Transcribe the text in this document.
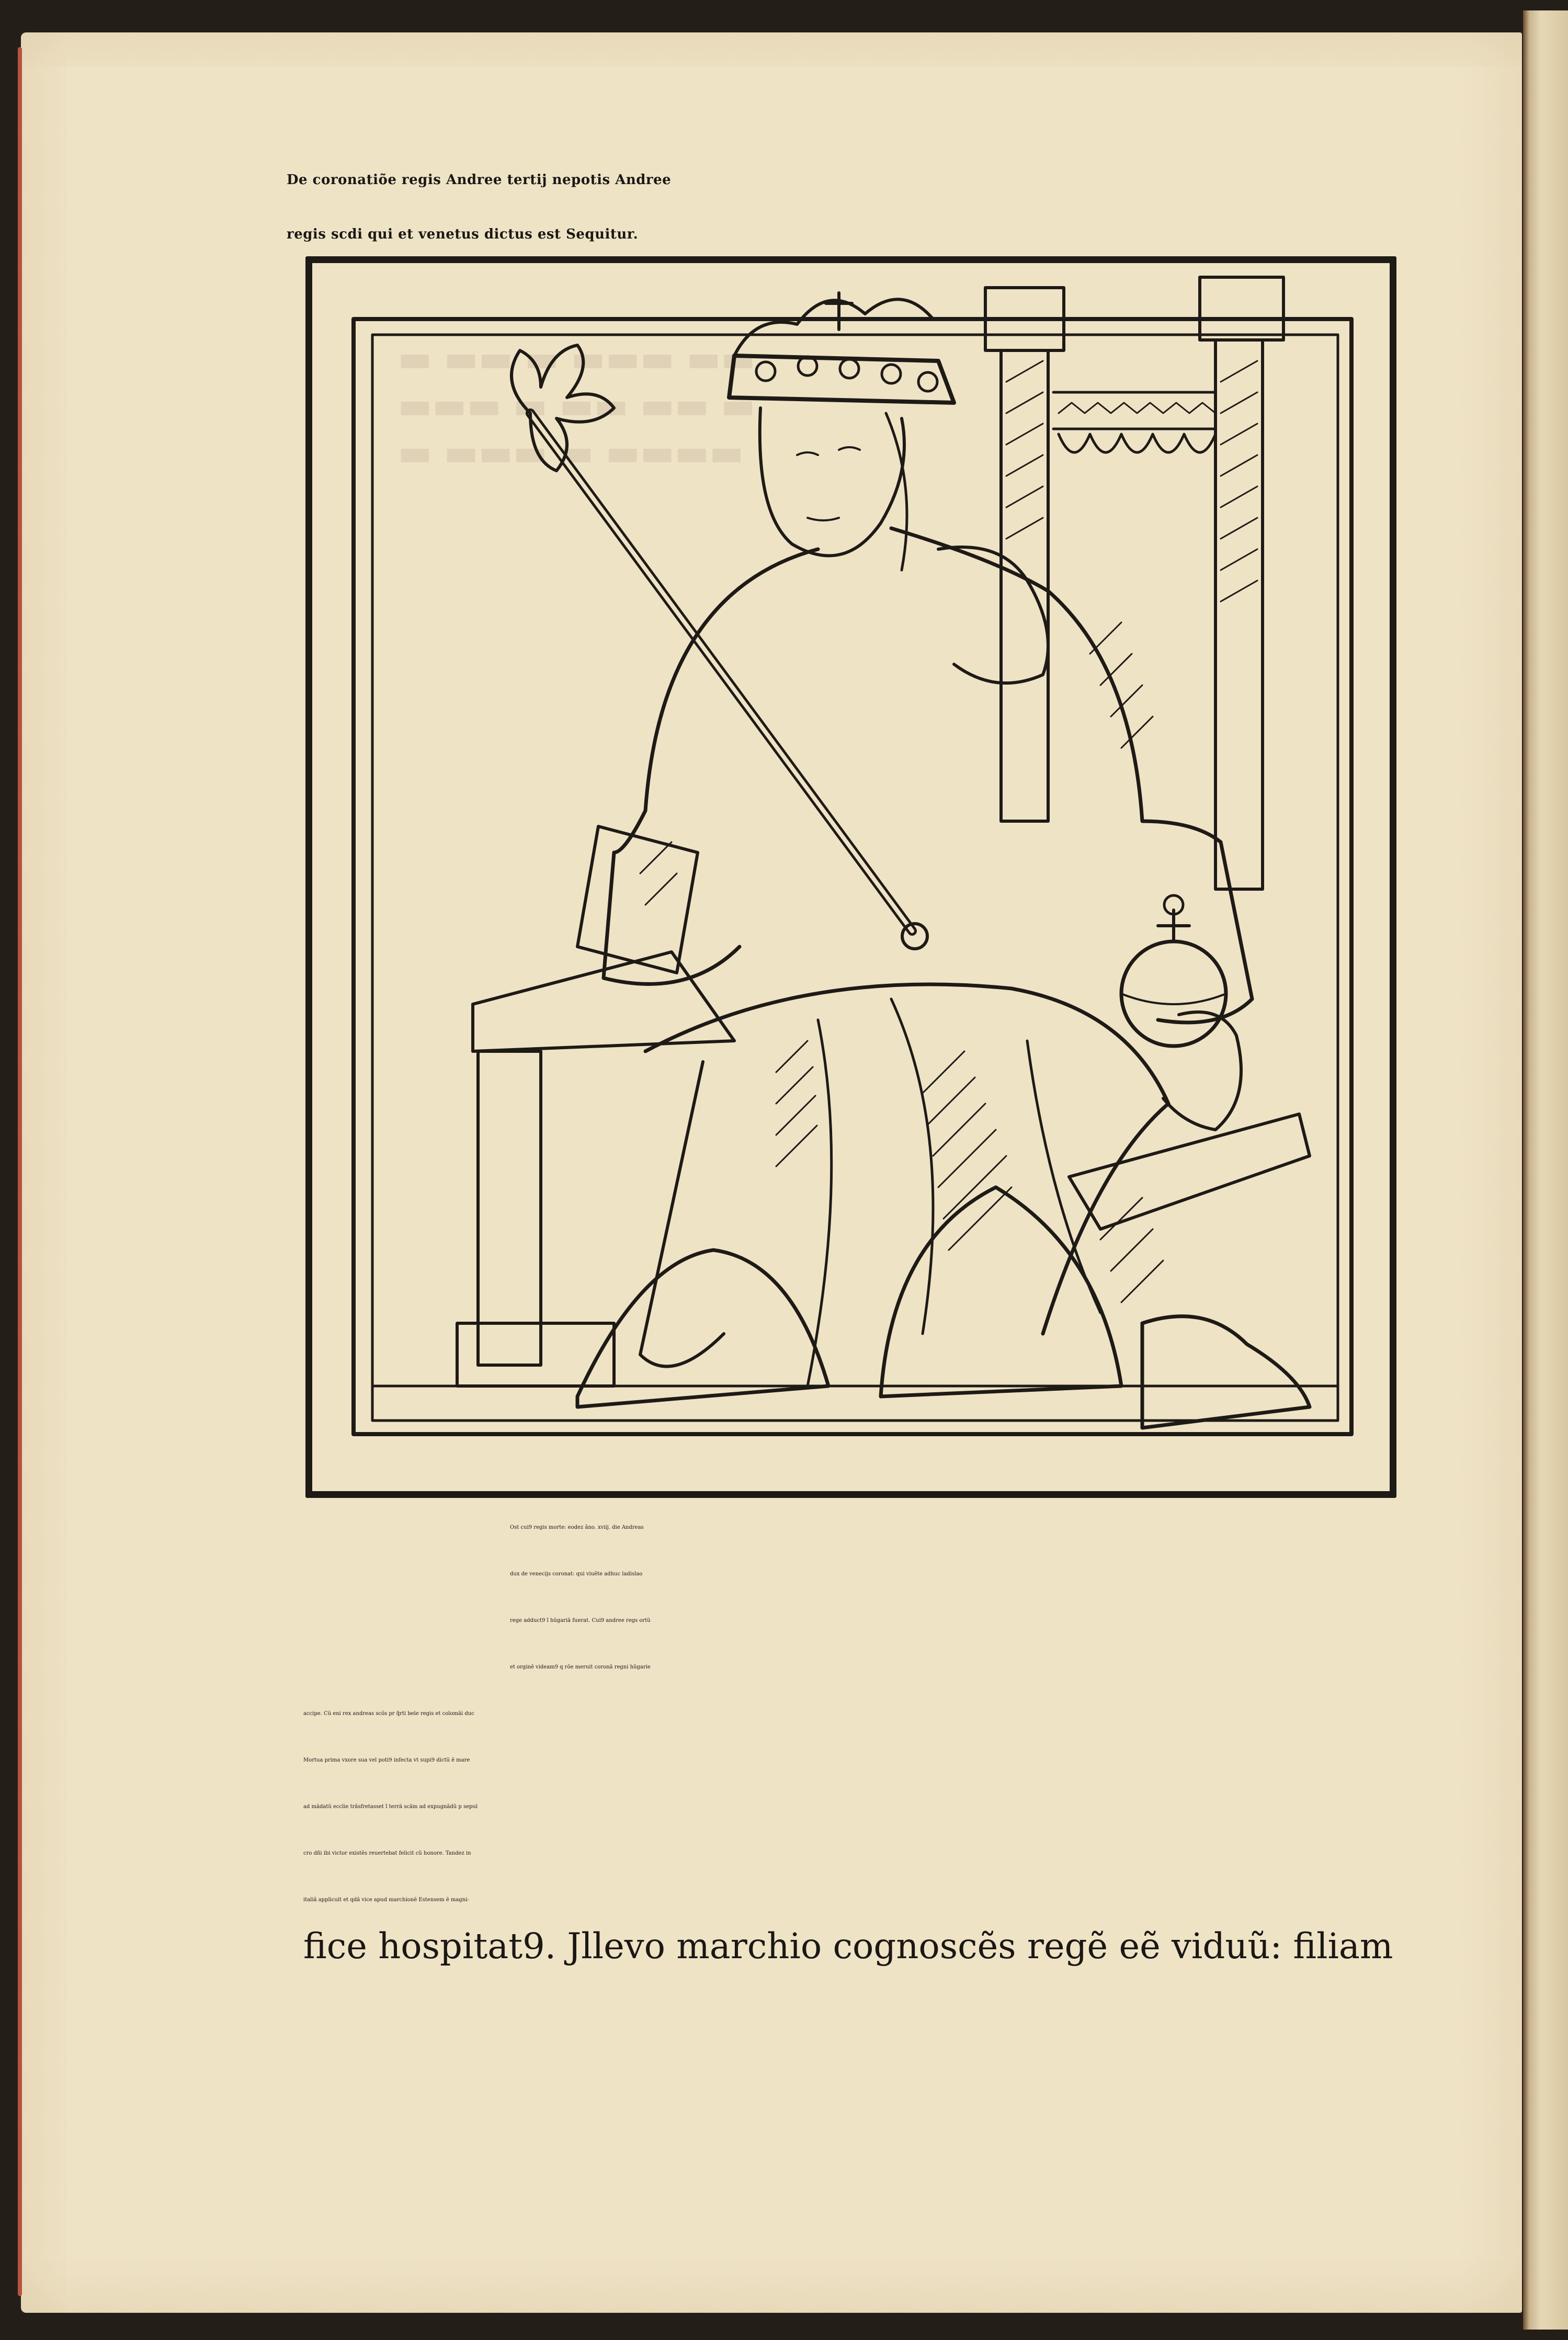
De coronatiõe regis Andree tertij nepotis Andree
regis scdi qui et venetus dictus est Sequitur.
Ost cui9 regis morte: eodez ãno. xviij. die Andreas
dux de venecijs coronat: qui viuẽte adhuc ladislao
rege adduct9 ĩ hũgariã fuerat. Cui9 andree regs ortũ
et orginẽ videam9 q rõe meruit coronã regni hũgarie
accipe. Cũ eni rex andreas scõs pr q̃rti bele regis et colomãi duc
Mortua prima vxore sua vel poti9 infecta vt supi9 dictũ ẽ mare
ad mãdatũ ecclie trãsfretasset ĩ terrã scãm ad expugnãdũ p sepul
cro dñi ibi victor existẽs reuertebat felicit cũ honore. Tandez in
italiã applicuit et qdã vice apud marchionẽ Estensem ẽ magni-
fice hospitat9. Jllevo marchio cognoscẽs regẽ eẽ viduũ: filiam
